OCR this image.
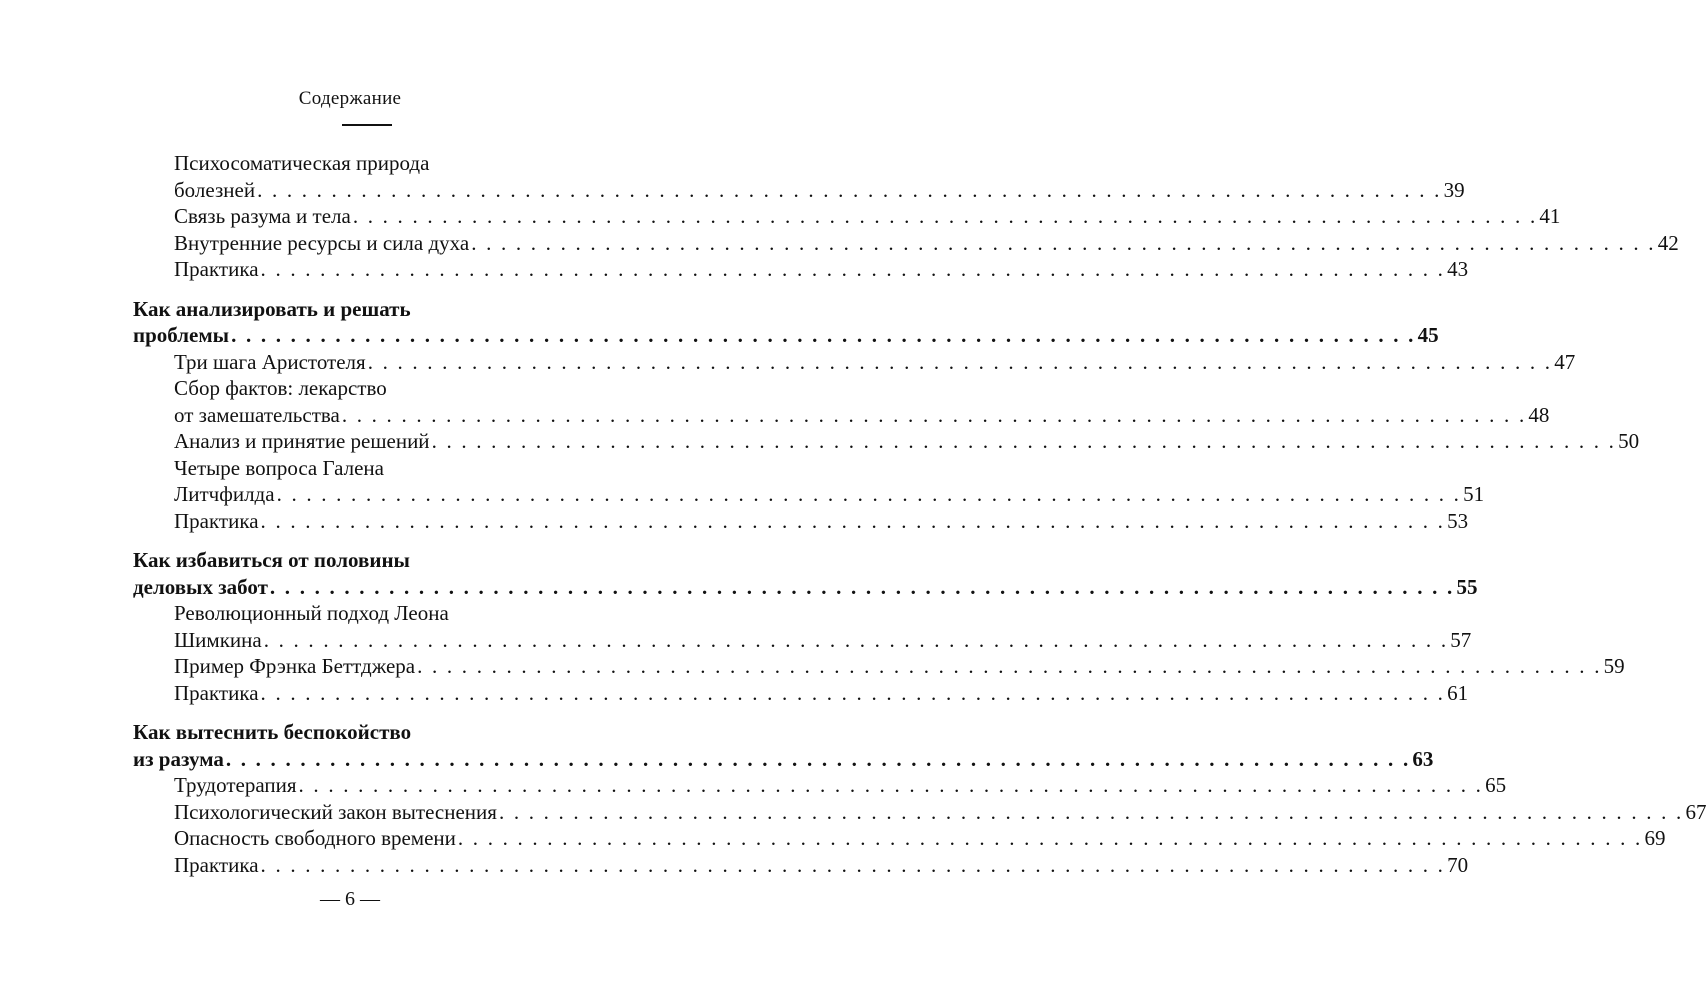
Содержание
Психосоматическая природа
болезней . . . . . . . . . . . . . . . . . . . . . . . . . . . . . . . . . . . . . . . . . . . . . . . . . . . . . . . . . . . . . . . . . . . . . . . . . . . . . . . . 39
Связь разума и тела . . . . . . . . . . . . . . . . . . . . . . . . . . . . . . . . . . . . . . . . . . . . . . . . . . . . . . . . . . . . . . . . . . . . . . . . . . . . . . . . 41
Внутренние ресурсы и сила духа . . . . . . . . . . . . . . . . . . . . . . . . . . . . . . . . . . . . . . . . . . . . . . . . . . . . . . . . . . . . . . . . . . . . . . . . . . . . . . . . 42
Практика . . . . . . . . . . . . . . . . . . . . . . . . . . . . . . . . . . . . . . . . . . . . . . . . . . . . . . . . . . . . . . . . . . . . . . . . . . . . . . . . 43
Как анализировать и решать
проблемы . . . . . . . . . . . . . . . . . . . . . . . . . . . . . . . . . . . . . . . . . . . . . . . . . . . . . . . . . . . . . . . . . . . . . . . . . . . . . . . . 45
Три шага Аристотеля . . . . . . . . . . . . . . . . . . . . . . . . . . . . . . . . . . . . . . . . . . . . . . . . . . . . . . . . . . . . . . . . . . . . . . . . . . . . . . . . 47
Сбор фактов: лекарство
от замешательства . . . . . . . . . . . . . . . . . . . . . . . . . . . . . . . . . . . . . . . . . . . . . . . . . . . . . . . . . . . . . . . . . . . . . . . . . . . . . . . . 48
Анализ и принятие решений . . . . . . . . . . . . . . . . . . . . . . . . . . . . . . . . . . . . . . . . . . . . . . . . . . . . . . . . . . . . . . . . . . . . . . . . . . . . . . . . 50
Четыре вопроса Галена
Литчфилда . . . . . . . . . . . . . . . . . . . . . . . . . . . . . . . . . . . . . . . . . . . . . . . . . . . . . . . . . . . . . . . . . . . . . . . . . . . . . . . . 51
Практика . . . . . . . . . . . . . . . . . . . . . . . . . . . . . . . . . . . . . . . . . . . . . . . . . . . . . . . . . . . . . . . . . . . . . . . . . . . . . . . . 53
Как избавиться от половины
деловых забот . . . . . . . . . . . . . . . . . . . . . . . . . . . . . . . . . . . . . . . . . . . . . . . . . . . . . . . . . . . . . . . . . . . . . . . . . . . . . . . . 55
Революционный подход Леона
Шимкина . . . . . . . . . . . . . . . . . . . . . . . . . . . . . . . . . . . . . . . . . . . . . . . . . . . . . . . . . . . . . . . . . . . . . . . . . . . . . . . . 57
Пример Фрэнка Беттджера . . . . . . . . . . . . . . . . . . . . . . . . . . . . . . . . . . . . . . . . . . . . . . . . . . . . . . . . . . . . . . . . . . . . . . . . . . . . . . . . 59
Практика . . . . . . . . . . . . . . . . . . . . . . . . . . . . . . . . . . . . . . . . . . . . . . . . . . . . . . . . . . . . . . . . . . . . . . . . . . . . . . . . 61
Как вытеснить беспокойство
из разума . . . . . . . . . . . . . . . . . . . . . . . . . . . . . . . . . . . . . . . . . . . . . . . . . . . . . . . . . . . . . . . . . . . . . . . . . . . . . . . . 63
Трудотерапия . . . . . . . . . . . . . . . . . . . . . . . . . . . . . . . . . . . . . . . . . . . . . . . . . . . . . . . . . . . . . . . . . . . . . . . . . . . . . . . . 65
Психологический закон вытеснения . . . . . . . . . . . . . . . . . . . . . . . . . . . . . . . . . . . . . . . . . . . . . . . . . . . . . . . . . . . . . . . . . . . . . . . . . . . . . . . . 67
Опасность свободного времени . . . . . . . . . . . . . . . . . . . . . . . . . . . . . . . . . . . . . . . . . . . . . . . . . . . . . . . . . . . . . . . . . . . . . . . . . . . . . . . . 69
Практика . . . . . . . . . . . . . . . . . . . . . . . . . . . . . . . . . . . . . . . . . . . . . . . . . . . . . . . . . . . . . . . . . . . . . . . . . . . . . . . . 70
— 6 —
